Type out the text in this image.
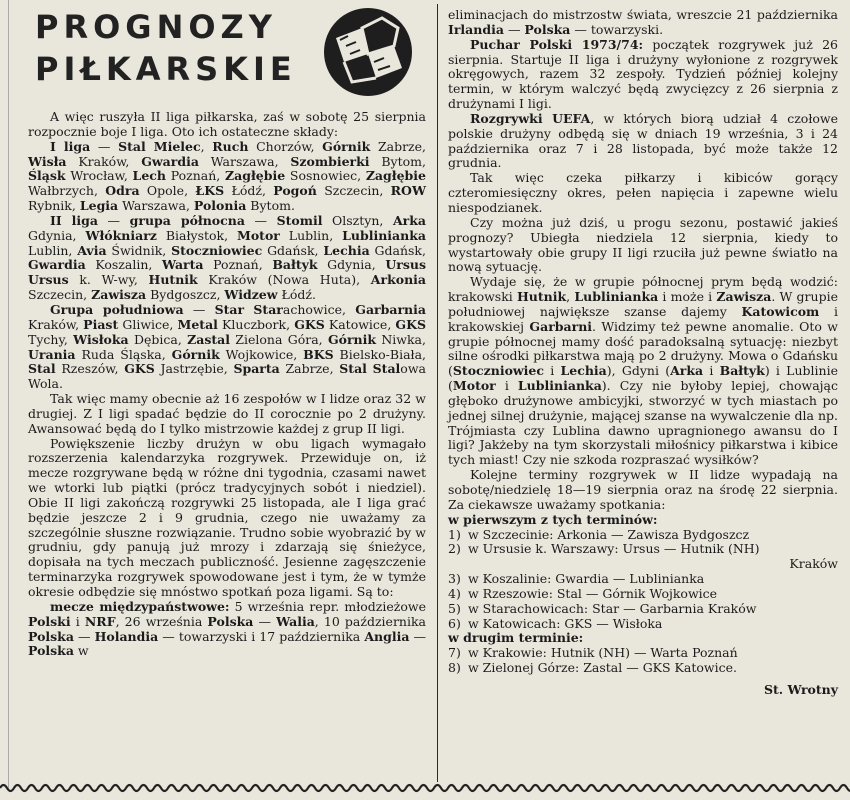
PROGNOZY
PIŁKARSKIE

A więc ruszyła II liga piłkarska, zaś w sobotę 25 sierpnia rozpocznie boje I liga. Oto ich ostateczne składy:

I liga — Stal Mielec, Ruch Chorzów, Górnik Zabrze, Wisła Kraków, Gwardia Warszawa, Szombierki Bytom, Śląsk Wrocław, Lech Poznań, Zagłębie Sosnowiec, Zagłębie Wałbrzych, Odra Opole, ŁKS Łódź, Pogoń Szczecin, ROW Rybnik, Legia Warszawa, Polonia Bytom.

II liga — grupa północna — Stomil Olsztyn, Arka Gdynia, Włókniarz Białystok, Motor Lublin, Lublinianka Lublin, Avia Świdnik, Stoczniowiec Gdańsk, Lechia Gdańsk, Gwardia Koszalin, Warta Poznań, Bałtyk Gdynia, Ursus Ursus k. W-wy, Hutnik Kraków (Nowa Huta), Arkonia Szczecin, Zawisza Bydgoszcz, Widzew Łódź.

Grupa południowa — Star Starachowice, Garbarnia Kraków, Piast Gliwice, Metal Kluczbork, GKS Katowice, GKS Tychy, Wisłoka Dębica, Zastal Zielona Góra, Górnik Niwka, Urania Ruda Śląska, Górnik Wojkowice, BKS Bielsko-Biała, Stal Rzeszów, GKS Jastrzębie, Sparta Zabrze, Stal Stalowa Wola.

Tak więc mamy obecnie aż 16 zespołów w I lidze oraz 32 w drugiej. Z I ligi spadać będzie do II corocznie po 2 drużyny. Awansować będą do I tylko mistrzowie każdej z grup II ligi.

Powiększenie liczby drużyn w obu ligach wymagało rozszerzenia kalendarzyka rozgrywek. Przewiduje on, iż mecze rozgrywane będą w różne dni tygodnia, czasami nawet we wtorki lub piątki (prócz tradycyjnych sobót i niedziel). Obie II ligi zakończą rozgrywki 25 listopada, ale I liga grać będzie jeszcze 2 i 9 grudnia, czego nie uważamy za szczególnie słuszne rozwiązanie. Trudno sobie wyobrazić by w grudniu, gdy panują już mrozy i zdarzają się śnieżyce, dopisała na tych meczach publiczność. Jesienne zagęszczenie terminarzyka rozgrywek spowodowane jest i tym, że w tymże okresie odbędzie się mnóstwo spotkań poza ligami. Są to:

mecze międzypaństwowe: 5 września repr. młodzieżowe Polski i NRF, 26 września Polska — Walia, 10 października Polska — Holandia — towarzyski i 17 października Anglia — Polska w

eliminacjach do mistrzostw świata, wreszcie 21 października Irlandia — Polska — towarzyski.

Puchar Polski 1973/74: początek rozgrywek już 26 sierpnia. Startuje II liga i drużyny wyłonione z rozgrywek okręgowych, razem 32 zespoły. Tydzień później kolejny termin, w którym walczyć będą zwycięzcy z 26 sierpnia z drużynami I ligi.

Rozgrywki UEFA, w których biorą udział 4 czołowe polskie drużyny odbędą się w dniach 19 września, 3 i 24 października oraz 7 i 28 listopada, być może także 12 grudnia.

Tak więc czeka piłkarzy i kibiców gorący czteromiesięczny okres, pełen napięcia i zapewne wielu niespodzianek.

Czy można już dziś, u progu sezonu, postawić jakieś prognozy? Ubiegła niedziela 12 sierpnia, kiedy to wystartowały obie grupy II ligi rzuciła już pewne światło na nową sytuację.

Wydaje się, że w grupie północnej prym będą wodzić: krakowski Hutnik, Lublinianka i może i Zawisza. W grupie południowej największe szanse dajemy Katowicom i krakowskiej Garbarni. Widzimy też pewne anomalie. Oto w grupie północnej mamy dość paradoksalną sytuację: niezbyt silne ośrodki piłkarstwa mają po 2 drużyny. Mowa o Gdańsku (Stoczniowiec i Lechia), Gdyni (Arka i Bałtyk) i Lublinie (Motor i Lublinianka). Czy nie byłoby lepiej, chowając głęboko drużynowe ambicyjki, stworzyć w tych miastach po jednej silnej drużynie, mającej szanse na wywalczenie dla np. Trójmiasta czy Lublina dawno upragnionego awansu do I ligi? Jakżeby na tym skorzystali miłośnicy piłkarstwa i kibice tych miast! Czy nie szkoda rozpraszać wysiłków?

Kolejne terminy rozgrywek w II lidze wypadają na sobotę/niedzielę 18—19 sierpnia oraz na środę 22 sierpnia. Za ciekawsze uważamy spotkania:

w pierwszym z tych terminów:
1) w Szczecinie: Arkonia — Zawisza Bydgoszcz
2) w Ursusie k. Warszawy: Ursus — Hutnik (NH)
Kraków
3) w Koszalinie: Gwardia — Lublinianka
4) w Rzeszowie: Stal — Górnik Wojkowice
5) w Starachowicach: Star — Garbarnia Kraków
6) w Katowicach: GKS — Wisłoka
w drugim terminie:
7) w Krakowie: Hutnik (NH) — Warta Poznań
8) w Zielonej Górze: Zastal — GKS Katowice.
St. Wrotny
